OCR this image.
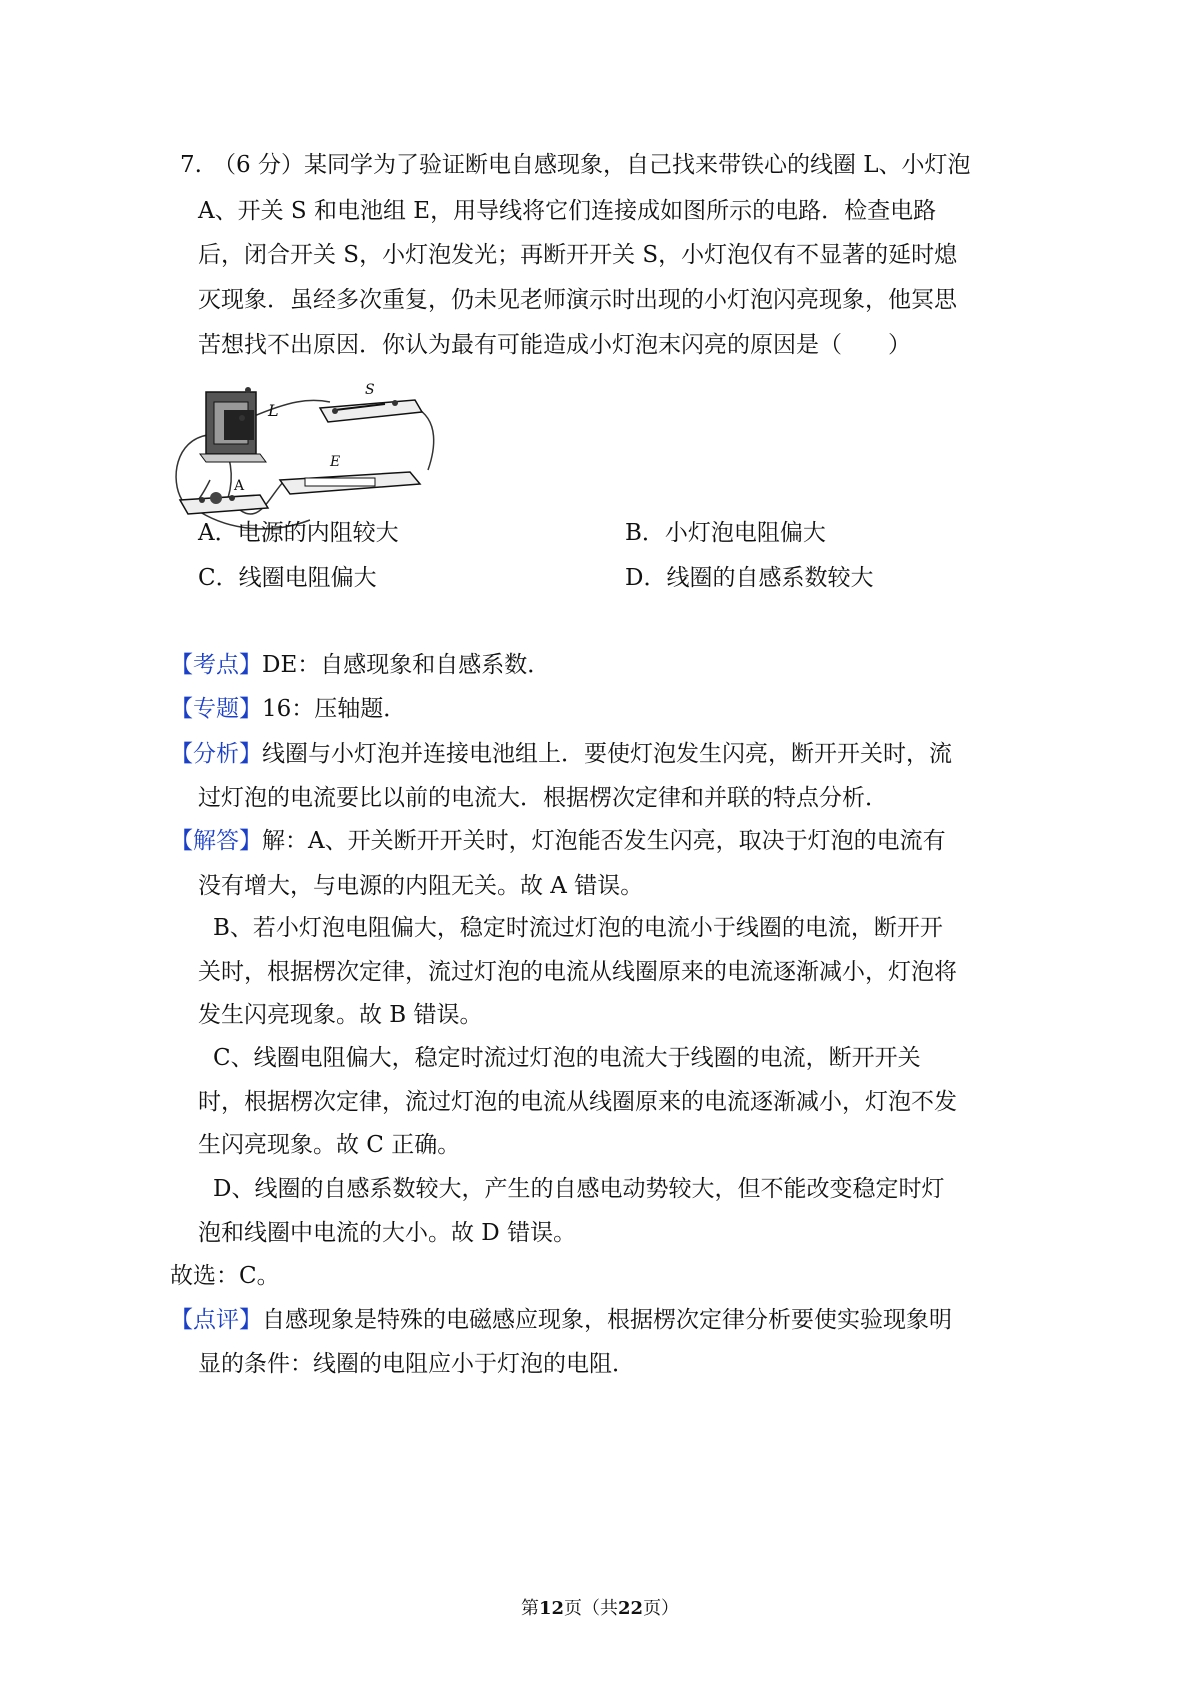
7. （6 分）某同学为了验证断电自感现象，自己找来带铁心的线圈 L、小灯泡
A、开关 S 和电池组 E，用导线将它们连接成如图所示的电路．检查电路
后，闭合开关 S，小灯泡发光；再断开开关 S，小灯泡仅有不显著的延时熄
灭现象．虽经多次重复，仍未见老师演示时出现的小灯泡闪亮现象，他冥思
苦想找不出原因．你认为最有可能造成小灯泡末闪亮的原因是（　　）
S
L
E
A
A．电源的内阻较大	B．小灯泡电阻偏大
C．线圈电阻偏大	D．线圈的自感系数较大
【考点】DE：自感现象和自感系数．
【专题】16：压轴题．
【分析】线圈与小灯泡并连接电池组上．要使灯泡发生闪亮，断开开关时，流
过灯泡的电流要比以前的电流大．根据楞次定律和并联的特点分析．
【解答】解：A、开关断开开关时，灯泡能否发生闪亮，取决于灯泡的电流有
没有增大，与电源的内阻无关。故 A 错误。
B、若小灯泡电阻偏大，稳定时流过灯泡的电流小于线圈的电流，断开开
关时，根据楞次定律，流过灯泡的电流从线圈原来的电流逐渐减小，灯泡将
发生闪亮现象。故 B 错误。
C、线圈电阻偏大，稳定时流过灯泡的电流大于线圈的电流，断开开关
时，根据楞次定律，流过灯泡的电流从线圈原来的电流逐渐减小，灯泡不发
生闪亮现象。故 C 正确。
D、线圈的自感系数较大，产生的自感电动势较大，但不能改变稳定时灯
泡和线圈中电流的大小。故 D 错误。
故选：C。
【点评】自感现象是特殊的电磁感应现象，根据楞次定律分析要使实验现象明
显的条件：线圈的电阻应小于灯泡的电阻．
第12页（共22页）
